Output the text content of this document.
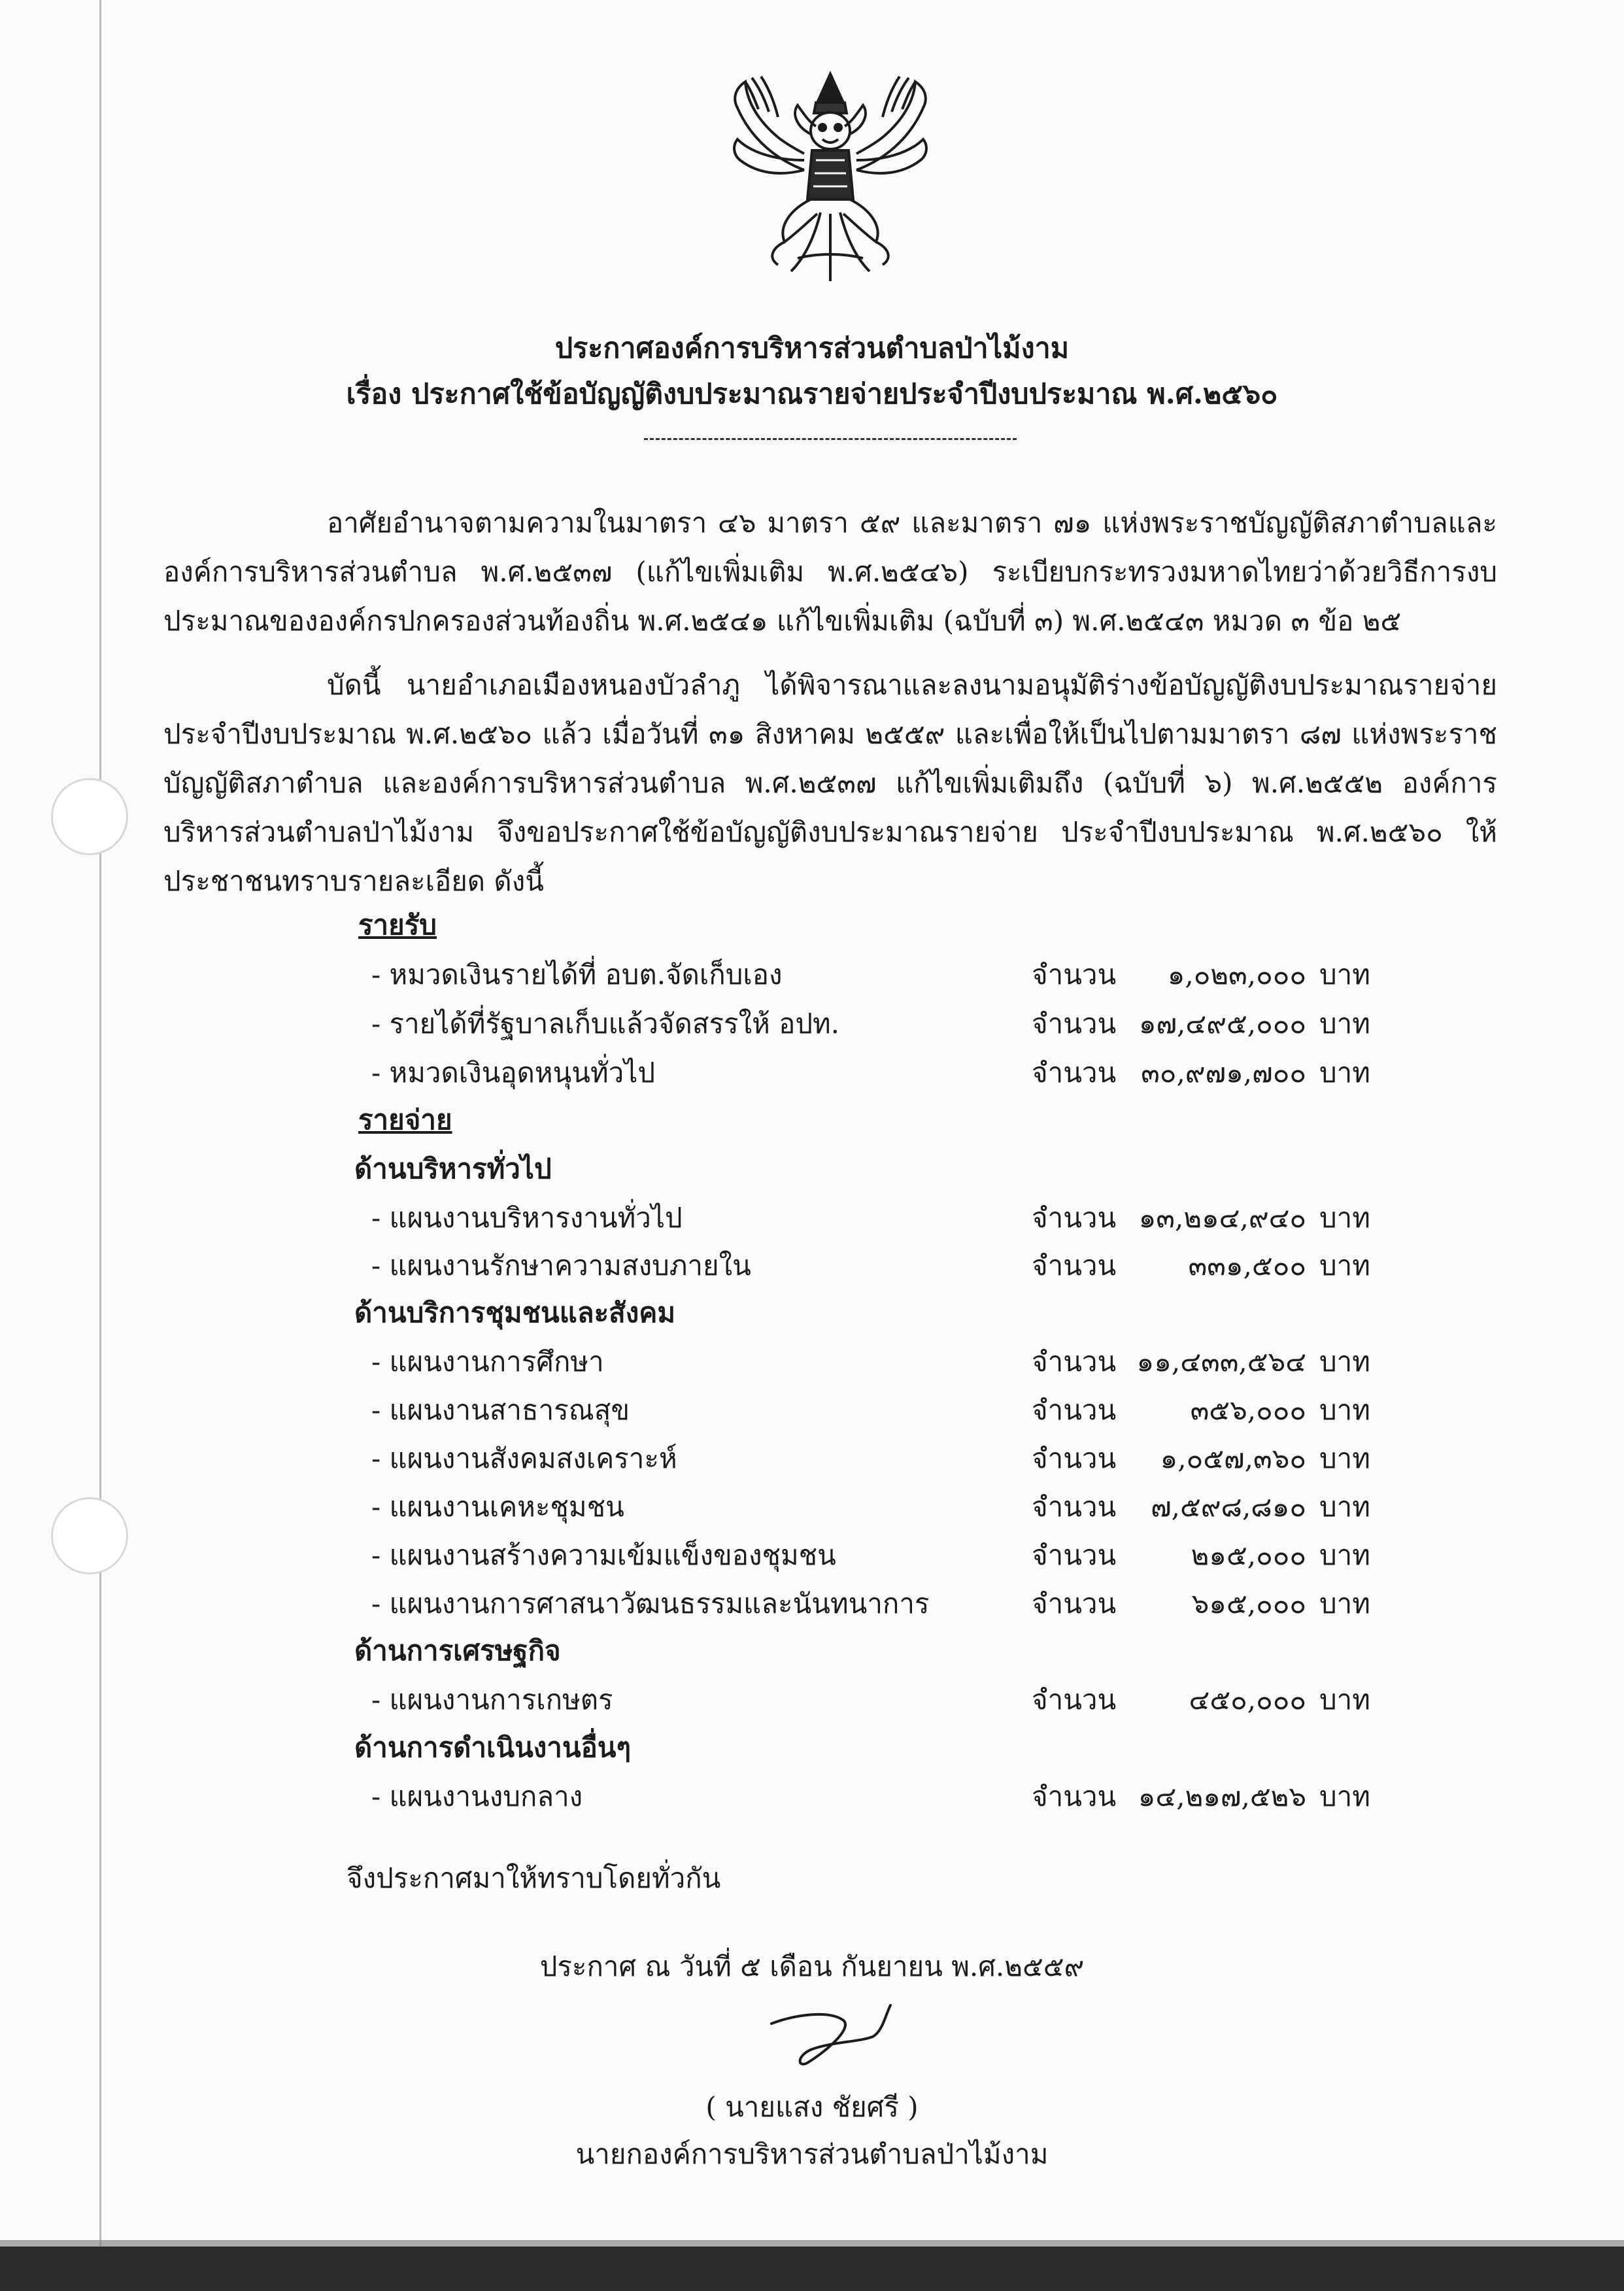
ประกาศองค์การบริหารส่วนตำบลป่าไม้งาม
เรื่อง ประกาศใช้ข้อบัญญัติงบประมาณรายจ่ายประจำปีงบประมาณ พ.ศ.๒๕๖๐
อาศัยอำนาจตามความในมาตรา ๔๖ มาตรา ๕๙ และมาตรา ๗๑ แห่งพระราชบัญญัติสภาตำบลและองค์การบริหารส่วนตำบล พ.ศ.๒๕๓๗ (แก้ไขเพิ่มเติม พ.ศ.๒๕๔๖) ระเบียบกระทรวงมหาดไทยว่าด้วยวิธีการงบประมาณขององค์กรปกครองส่วนท้องถิ่น พ.ศ.๒๕๔๑ แก้ไขเพิ่มเติม (ฉบับที่ ๓) พ.ศ.๒๕๔๓ หมวด ๓ ข้อ ๒๕
บัดนี้ นายอำเภอเมืองหนองบัวลำภู ได้พิจารณาและลงนามอนุมัติร่างข้อบัญญัติงบประมาณรายจ่ายประจำปีงบประมาณ พ.ศ.๒๕๖๐ แล้ว เมื่อวันที่ ๓๑ สิงหาคม ๒๕๕๙ และเพื่อให้เป็นไปตามมาตรา ๘๗ แห่งพระราชบัญญัติสภาตำบล และองค์การบริหารส่วนตำบล พ.ศ.๒๕๓๗ แก้ไขเพิ่มเติมถึง (ฉบับที่ ๖) พ.ศ.๒๕๕๒ องค์การบริหารส่วนตำบลป่าไม้งาม จึงขอประกาศใช้ข้อบัญญัติงบประมาณรายจ่าย ประจำปีงบประมาณ พ.ศ.๒๕๖๐ ให้ประชาชนทราบรายละเอียด ดังนี้
รายรับ
- หมวดเงินรายได้ที่ อบต.จัดเก็บเอง	จำนวน	๑,๐๒๓,๐๐๐ บาท
- รายได้ที่รัฐบาลเก็บแล้วจัดสรรให้ อปท.	จำนวน ๑๗,๔๙๕,๐๐๐ บาท
- หมวดเงินอุดหนุนทั่วไป	จำนวน ๓๐,๙๗๑,๗๐๐ บาท
รายจ่าย
ด้านบริหารทั่วไป
- แผนงานบริหารงานทั่วไป	จำนวน ๑๓,๒๑๔,๙๔๐ บาท
- แผนงานรักษาความสงบภายใน	จำนวน	๓๓๑,๕๐๐ บาท
ด้านบริการชุมชนและสังคม
- แผนงานการศึกษา	จำนวน ๑๑,๔๓๓,๕๖๔ บาท
- แผนงานสาธารณสุข	จำนวน	๓๕๖,๐๐๐ บาท
- แผนงานสังคมสงเคราะห์	จำนวน	๑,๐๕๗,๓๖๐ บาท
- แผนงานเคหะชุมชน	จำนวน	๗,๕๙๘,๘๑๐ บาท
- แผนงานสร้างความเข้มแข็งของชุมชน	จำนวน	๒๑๕,๐๐๐ บาท
- แผนงานการศาสนาวัฒนธรรมและนันทนาการ	จำนวน	๖๑๕,๐๐๐ บาท
ด้านการเศรษฐกิจ
- แผนงานการเกษตร	จำนวน	๔๕๐,๐๐๐ บาท
ด้านการดำเนินงานอื่นๆ
- แผนงานงบกลาง	จำนวน ๑๔,๒๑๗,๕๒๖ บาท
จึงประกาศมาให้ทราบโดยทั่วกัน
ประกาศ ณ วันที่ ๕ เดือน กันยายน พ.ศ.๒๕๕๙
( นายแสง ชัยศรี )
นายกองค์การบริหารส่วนตำบลป่าไม้งาม
